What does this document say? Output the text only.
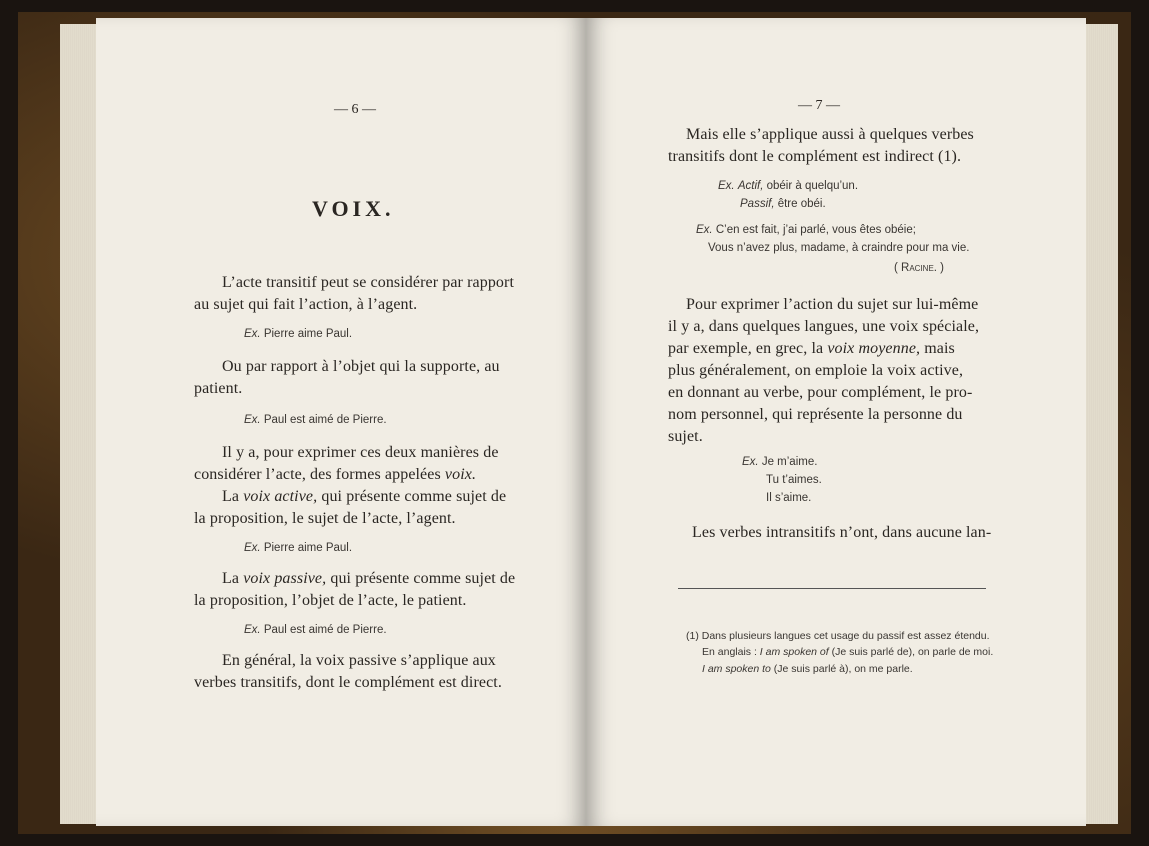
— 6 —
VOIX.
L’acte transitif peut se considérer par rapport
au sujet qui fait l’action, à l’agent.
Ex. Pierre aime Paul.
Ou par rapport à l’objet qui la supporte, au
patient.
Ex. Paul est aimé de Pierre.
Il y a, pour exprimer ces deux manières de
considérer l’acte, des formes appelées voix.
La voix active, qui présente comme sujet de
la proposition, le sujet de l’acte, l’agent.
Ex. Pierre aime Paul.
La voix passive, qui présente comme sujet de
la proposition, l’objet de l’acte, le patient.
Ex. Paul est aimé de Pierre.
En général, la voix passive s’applique aux
verbes transitifs, dont le complément est direct.
— 7 —
Mais elle s’applique aussi à quelques verbes
transitifs dont le complément est indirect (1).
Ex. Actif, obéir à quelqu’un.
Passif, être obéi.
Ex. C’en est fait, j’ai parlé, vous êtes obéie;
Vous n’avez plus, madame, à craindre pour ma vie.
( Racine. )
Pour exprimer l’action du sujet sur lui-même
il y a, dans quelques langues, une voix spéciale,
par exemple, en grec, la voix moyenne, mais
plus généralement, on emploie la voix active,
en donnant au verbe, pour complément, le pro-
nom personnel, qui représente la personne du
sujet.
Ex. Je m’aime.
Tu t’aimes.
Il s’aime.
Les verbes intransitifs n’ont, dans aucune lan-
(1) Dans plusieurs langues cet usage du passif est assez étendu.
En anglais : I am spoken of (Je suis parlé de), on parle de moi.
I am spoken to (Je suis parlé à), on me parle.
